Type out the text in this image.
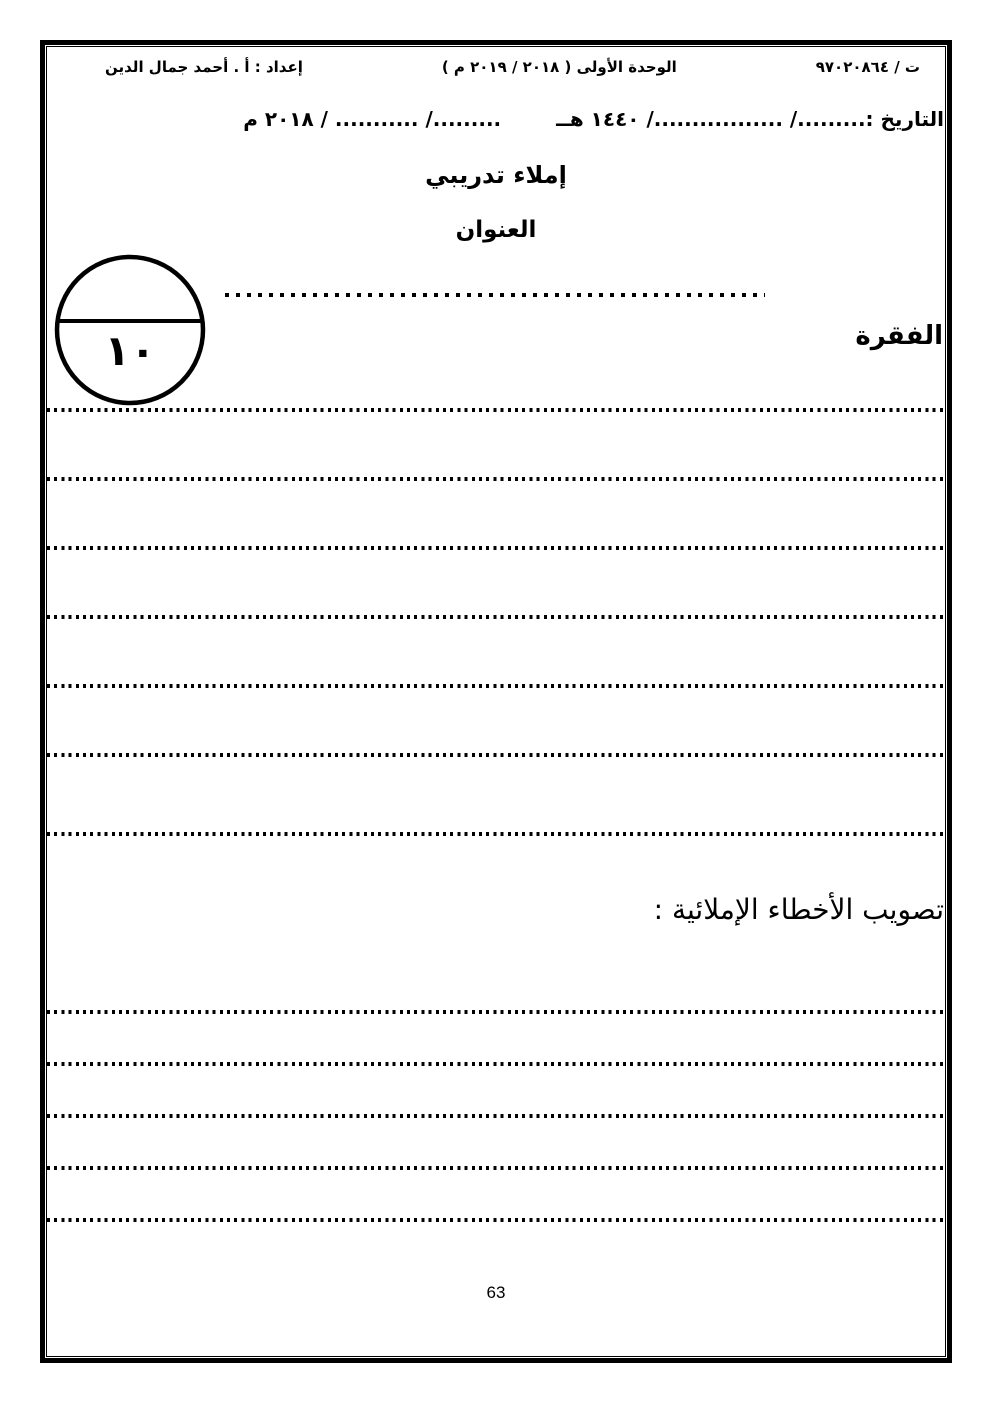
ت / ٩٧٠٢٠٨٦٤
الوحدة الأولى ( ٢٠١٨ / ٢٠١٩ م )
إعداد : أ . أحمد جمال الدين
التاريخ :........./ ................./ ١٤٤٠ هــ
........./ ........... / ٢٠١٨ م
إملاء تدريبي
العنوان
١٠	الفقرة
تصويب الأخطاء الإملائية :
63
